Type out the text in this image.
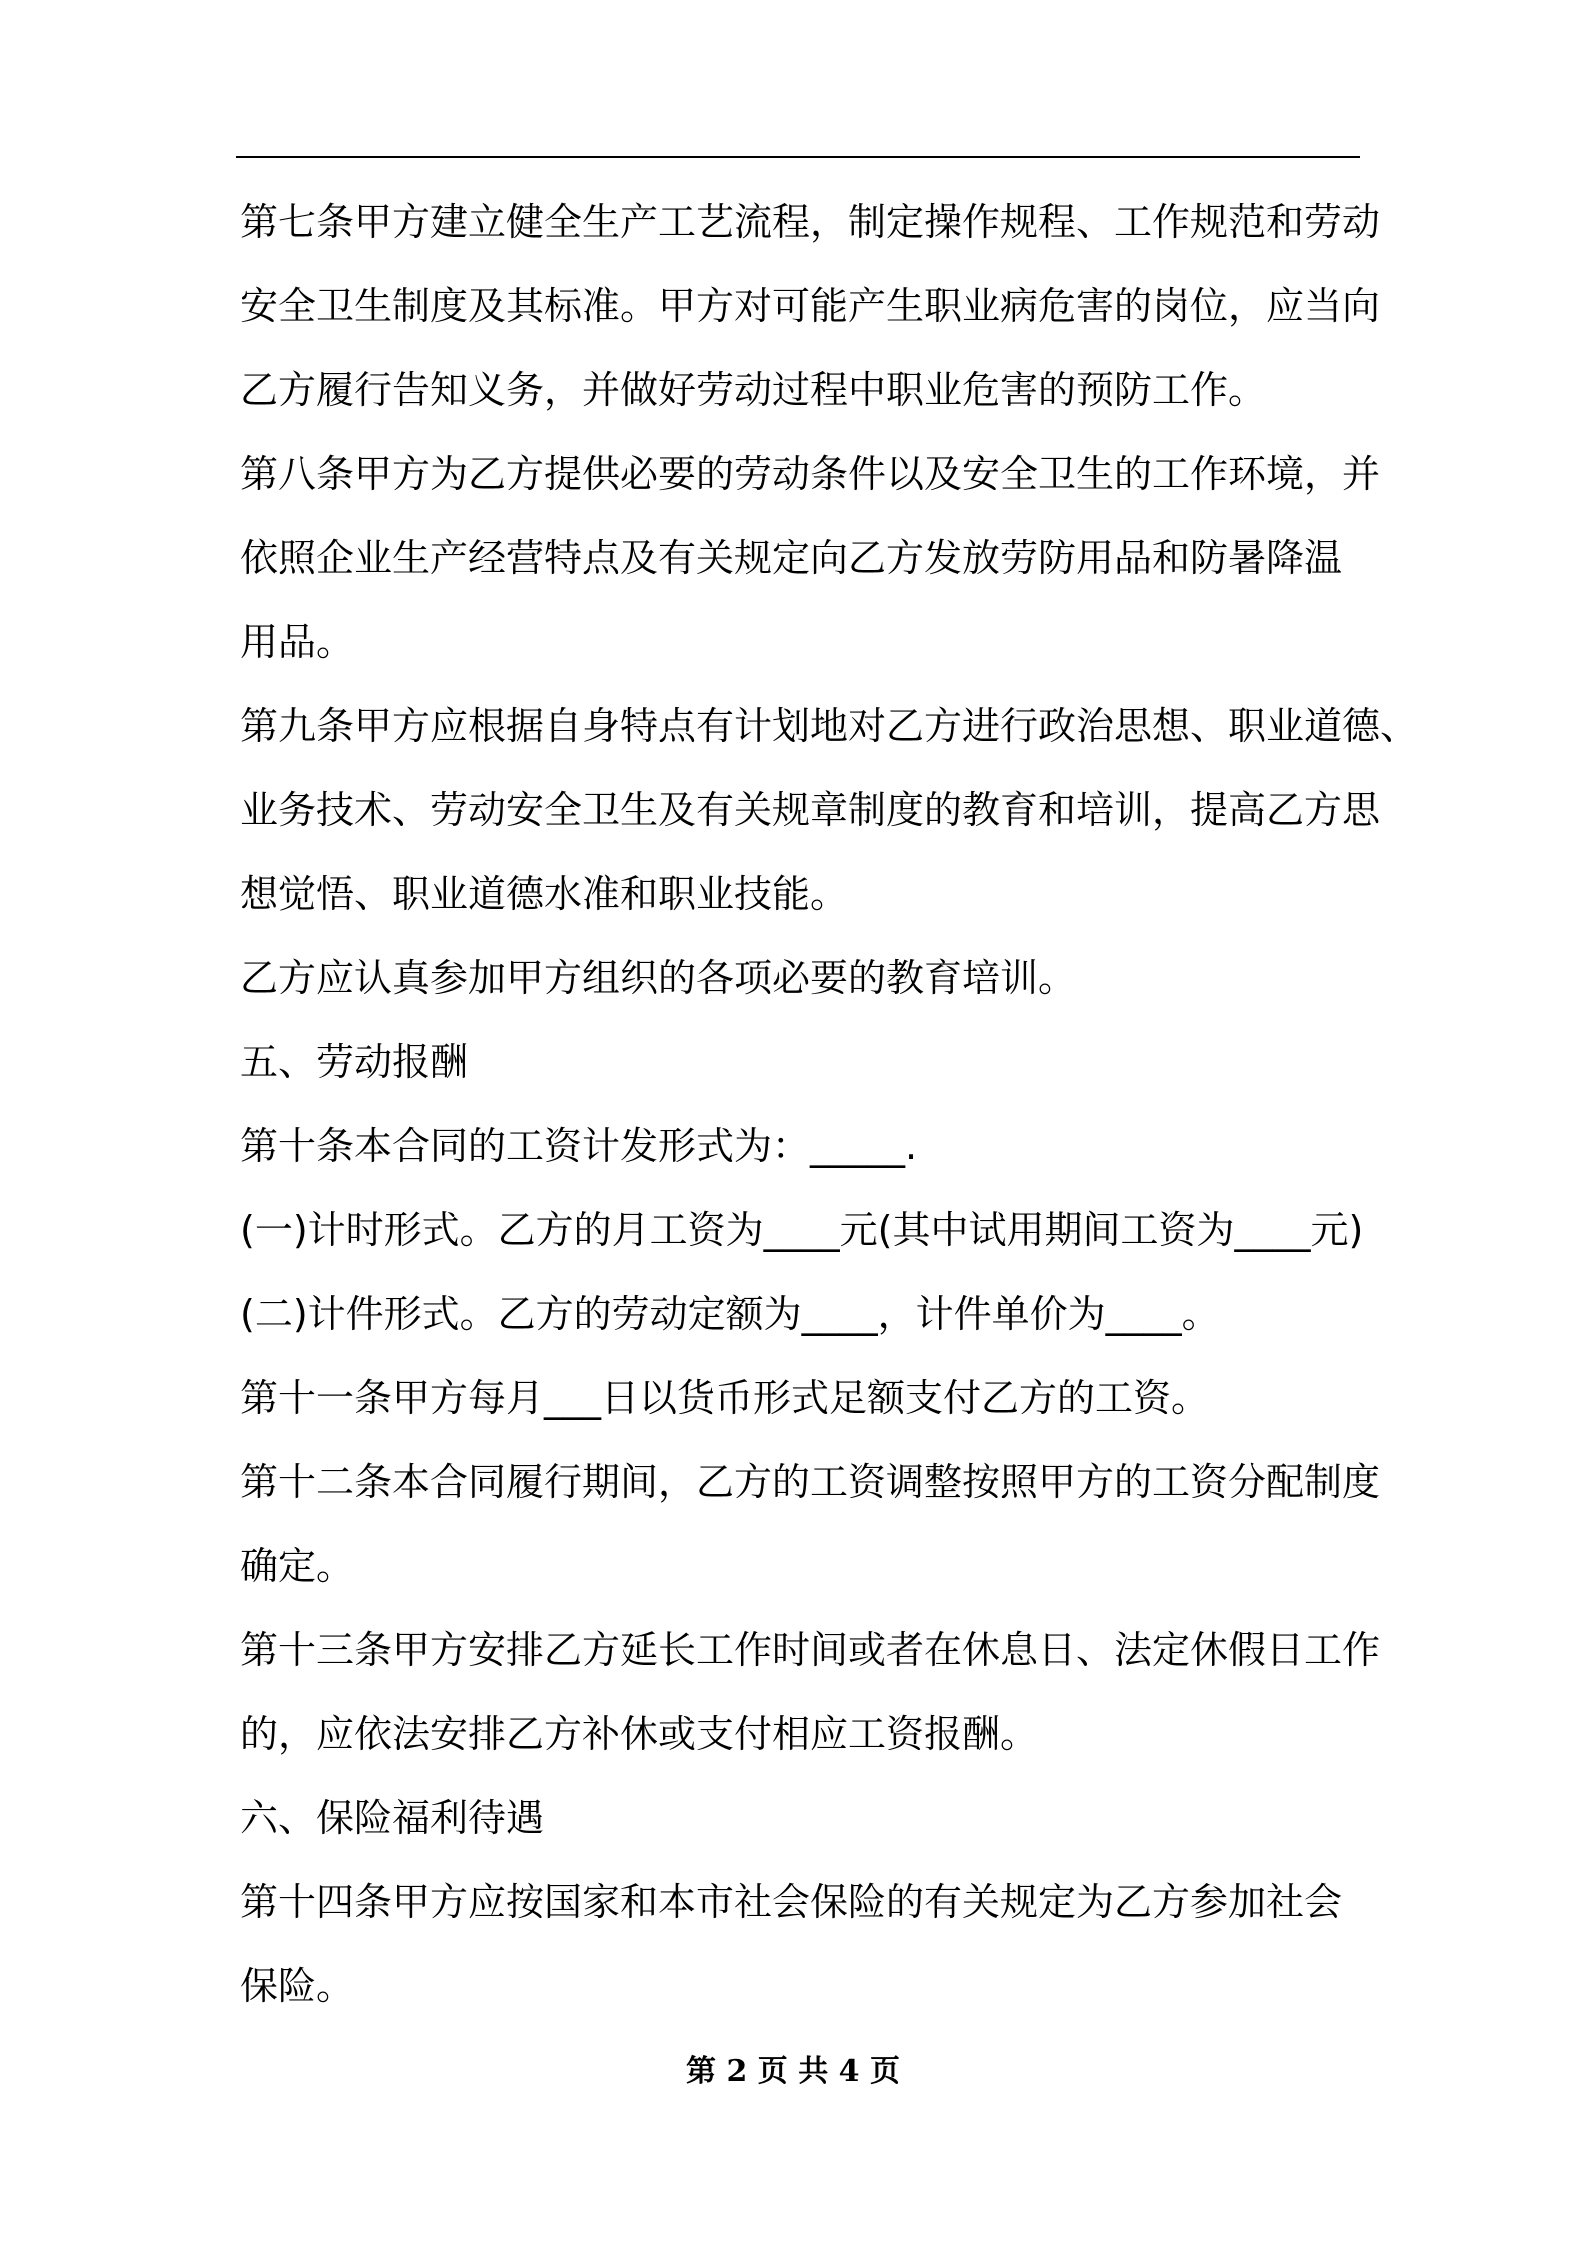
第七条甲方建立健全生产工艺流程，制定操作规程、工作规范和劳动
安全卫生制度及其标准。甲方对可能产生职业病危害的岗位，应当向
乙方履行告知义务，并做好劳动过程中职业危害的预防工作。
第八条甲方为乙方提供必要的劳动条件以及安全卫生的工作环境，并
依照企业生产经营特点及有关规定向乙方发放劳防用品和防暑降温
用品。
第九条甲方应根据自身特点有计划地对乙方进行政治思想、职业道德、
业务技术、劳动安全卫生及有关规章制度的教育和培训，提高乙方思
想觉悟、职业道德水准和职业技能。
乙方应认真参加甲方组织的各项必要的教育培训。
五、劳动报酬
第十条本合同的工资计发形式为：_____.
(一)计时形式。乙方的月工资为____元(其中试用期间工资为____元)
(二)计件形式。乙方的劳动定额为____，计件单价为____。
第十一条甲方每月___日以货币形式足额支付乙方的工资。
第十二条本合同履行期间，乙方的工资调整按照甲方的工资分配制度
确定。
第十三条甲方安排乙方延长工作时间或者在休息日、法定休假日工作
的，应依法安排乙方补休或支付相应工资报酬。
六、保险福利待遇
第十四条甲方应按国家和本市社会保险的有关规定为乙方参加社会
保险。
第 2 页 共 4 页
